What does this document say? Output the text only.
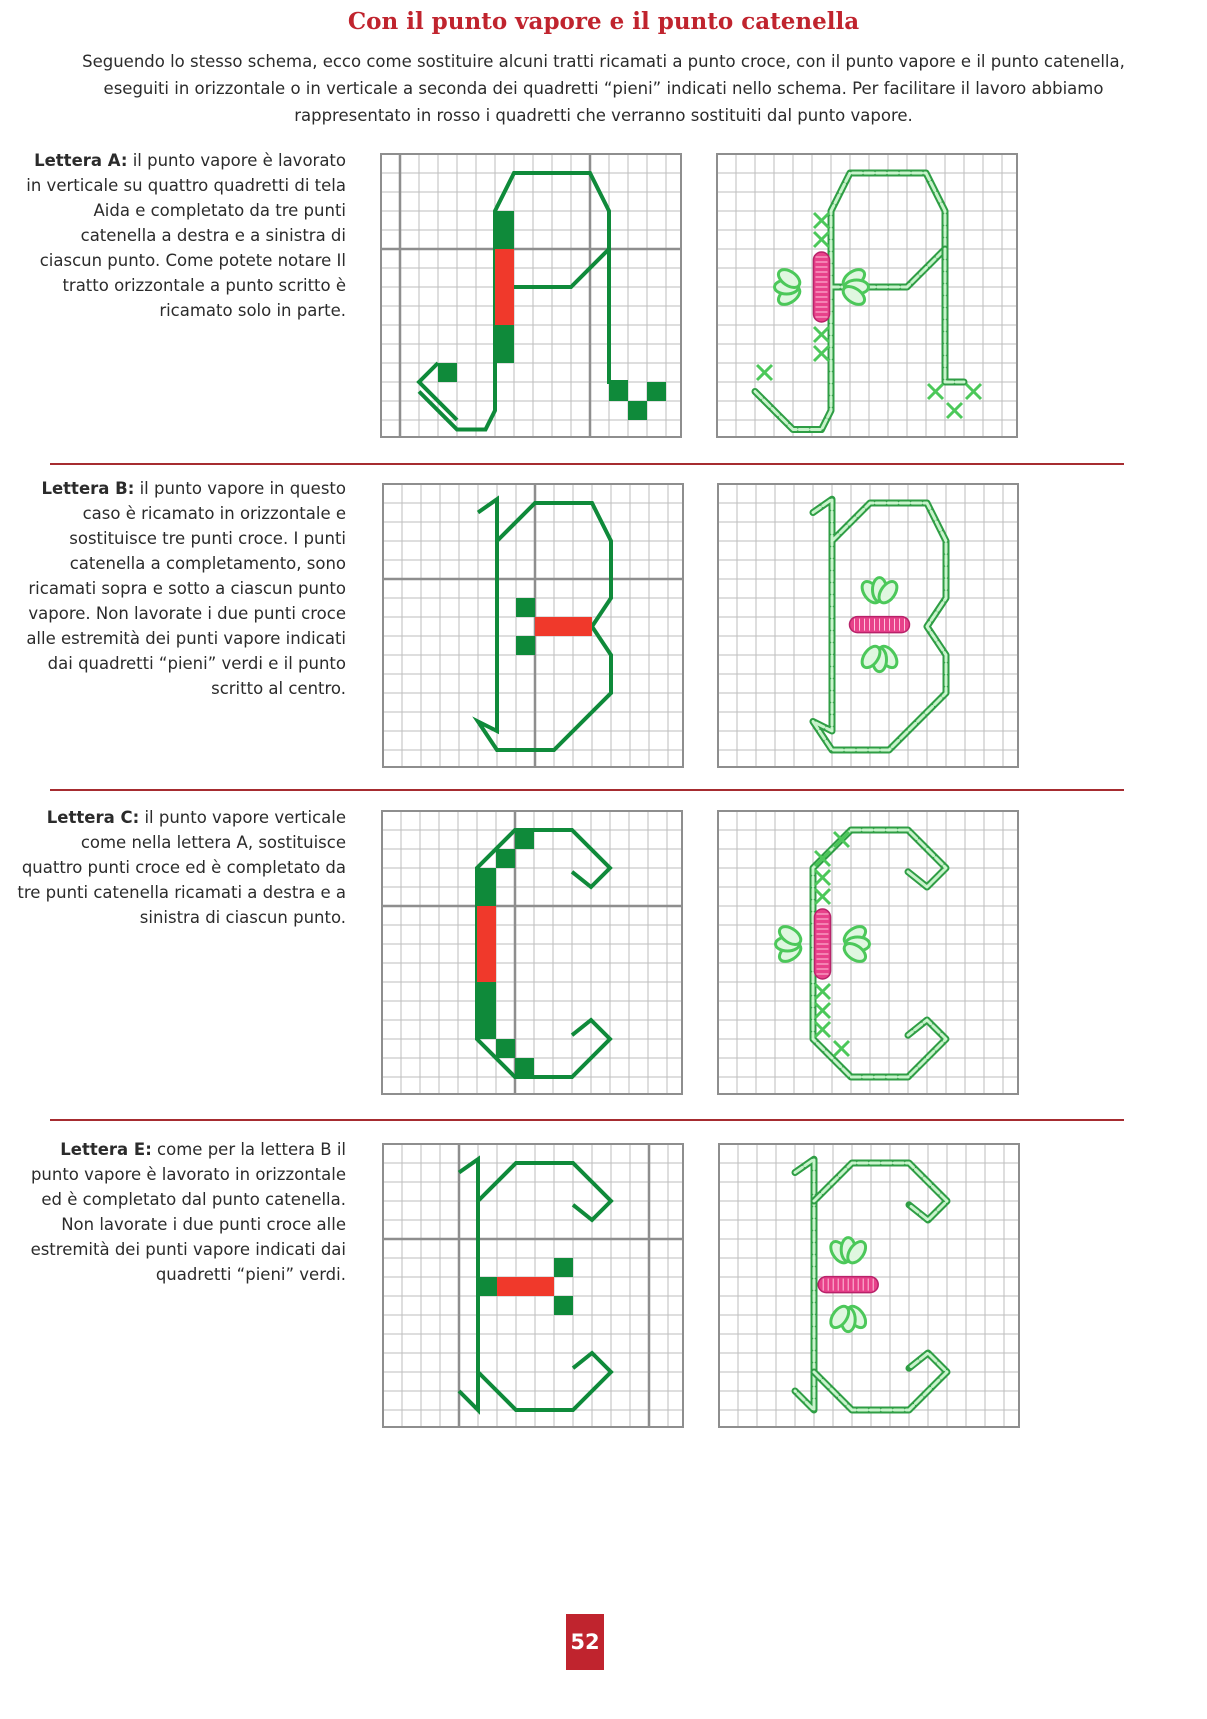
Con il punto vapore e il punto catenella

Seguendo lo stesso schema, ecco come sostituire alcuni tratti ricamati a punto croce, con il punto vapore e il punto catenella, eseguiti in orizzontale o in verticale a seconda dei quadretti “pieni” indicati nello schema. Per facilitare il lavoro abbiamo rappresentato in rosso i quadretti che verranno sostituiti dal punto vapore.

Lettera A: il punto vapore è lavorato in verticale su quattro quadretti di tela Aida e completato da tre punti catenella a destra e a sinistra di ciascun punto. Come potete notare Il tratto orizzontale a punto scritto è ricamato solo in parte.

Lettera B: il punto vapore in questo caso è ricamato in orizzontale e sostituisce tre punti croce. I punti catenella a completamento, sono ricamati sopra e sotto a ciascun punto vapore. Non lavorate i due punti croce alle estremità dei punti vapore indicati dai quadretti “pieni” verdi e il punto scritto al centro.

Lettera C: il punto vapore verticale come nella lettera A, sostituisce quattro punti croce ed è completato da tre punti catenella ricamati a destra e a sinistra di ciascun punto.

Lettera E: come per la lettera B il punto vapore è lavorato in orizzontale ed è completato dal punto catenella. Non lavorate i due punti croce alle estremità dei punti vapore indicati dai quadretti “pieni” verdi.

52
